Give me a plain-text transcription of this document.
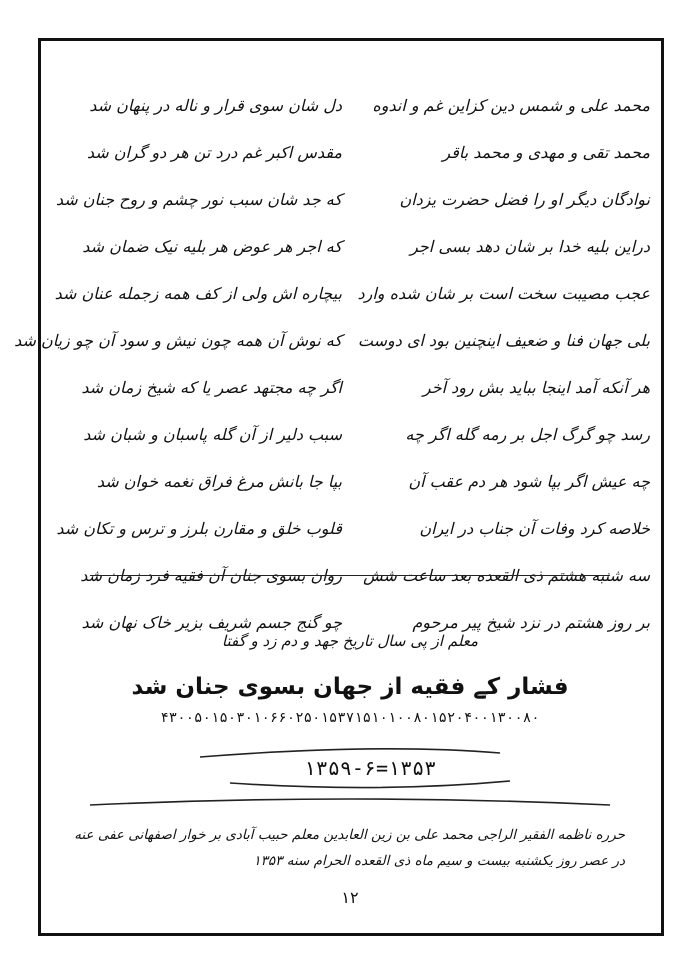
محمد علی و شمس دین کزاین غم و اندوه
دل شان سوی قرار و ناله در پنهان شد
محمد تقی و مهدی و محمد باقر
مقدس اکبر غم درد تن هر دو گران شد
نوادگان دیگر او را فضل حضرت یزدان
که جد شان سبب نور چشم و روح جنان شد
دراین بلیه خدا بر شان دهد بسی اجر
که اجر هر عوض هر بلیه نیک ضمان شد
عجب مصیبت سخت است بر شان شده وارد
بیچاره اش ولی از کف همه زجمله عنان شد
بلی جهان فنا و ضعیف اینچنین بود ای دوست
که نوش آن همه چون نیش و سود آن چو زیان شد
هر آنکه آمد اینجا بباید بش رود آخر
اگر چه مجتهد عصر یا که شیخ زمان شد
رسد چو گرگ اجل بر رمه گله اگر چه
سبب دلیر از آن گله پاسبان و شبان شد
چه عیش اگر بپا شود هر دم عقب آن
بپا جا بانش مرغ فراق نغمه خوان شد
خلاصه کرد وفات آن جناب در ایران
قلوب خلق و مقارن بلرز و ترس و تکان شد
سه شنبه هشتم ذی القعده بعد ساعت شش
روان بسوی جنان آن فقیه فرد زمان شد
بر روز هشتم در نزد شیخ پیر مرحوم
چو گنج جسم شریف بزیر خاک نهان شد
معلم از پی سال تاریخ جهد و دم زد و گفتا
فشار کے فقیه از جهان بسوی جنان شد
۴۳۰۰۵۰۱۵۰۳۰۱۰۶۶۰۲۵۰۱۵۳۷۱۵۱۰۱۰۰۸۰۱۵۲۰۴۰۰۱۳۰۰۸۰
۱۳۵۹-۶=۱۳۵۳
حرره ناظمه الفقیر الراجی محمد علی بن زین العابدین معلم حبیب آبادی بر خوار اصفهانی عفی عنه
در عصر روز یکشنبه بیست و سیم ماه ذی القعده الحرام سنه ۱۳۵۳
۱۲
